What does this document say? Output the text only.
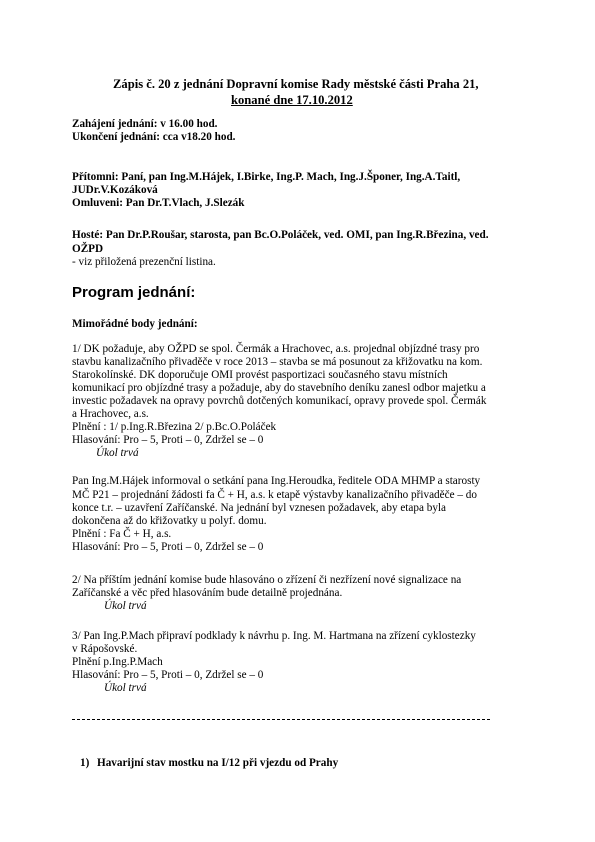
Zápis č. 20 z jednání Dopravní komise Rady městské části Praha 21,
konané dne 17.10.2012
Zahájení jednání: v 16.00 hod.
Ukončení jednání: cca v18.20 hod.
Přítomni: Paní, pan Ing.M.Hájek, I.Birke, Ing.P. Mach, Ing.J.Šponer, Ing.A.Taitl,
JUDr.V.Kozáková
Omluveni: Pan Dr.T.Vlach, J.Slezák
Hosté: Pan Dr.P.Roušar, starosta, pan Bc.O.Poláček, ved. OMI, pan Ing.R.Březina, ved.
OŽPD
- viz přiložená prezenční listina.
Program jednání:
Mimořádné body jednání:
1/ DK požaduje, aby OŽPD se spol. Čermák a Hrachovec, a.s. projednal objízdné trasy pro
stavbu kanalizačního přivaděče v roce 2013 – stavba se má posunout za křižovatku na kom.
Starokolínské. DK doporučuje OMI provést pasportizaci současného stavu místních
komunikací pro objízdné trasy a požaduje, aby do stavebního deníku zanesl odbor majetku a
investic požadavek na opravy povrchů dotčených komunikací, opravy provede spol. Čermák
a Hrachovec, a.s.
Plnění : 1/ p.Ing.R.Březina 2/ p.Bc.O.Poláček
Hlasování: Pro – 5, Proti – 0, Zdržel se – 0
Úkol trvá
Pan Ing.M.Hájek informoval o setkání pana Ing.Heroudka, ředitele ODA MHMP a starosty
MČ P21 – projednání žádosti fa Č + H, a.s. k etapě výstavby kanalizačního přivaděče – do
konce t.r. – uzavření Zaříčanské. Na jednání byl vznesen požadavek, aby etapa byla
dokončena až do křižovatky u polyf. domu.
Plnění : Fa Č + H, a.s.
Hlasování: Pro – 5, Proti – 0, Zdržel se – 0
2/ Na příštím jednání komise bude hlasováno o zřízení či nezřízení nové signalizace na
Zaříčanské a věc před hlasováním bude detailně projednána.
Úkol trvá
3/ Pan Ing.P.Mach připraví podklady k návrhu p. Ing. M. Hartmana na zřízení cyklostezky
v Rápošovské.
Plnění p.Ing.P.Mach
Hlasování: Pro – 5, Proti – 0, Zdržel se – 0
Úkol trvá
1) Havarijní stav mostku na I/12 při vjezdu od Prahy
